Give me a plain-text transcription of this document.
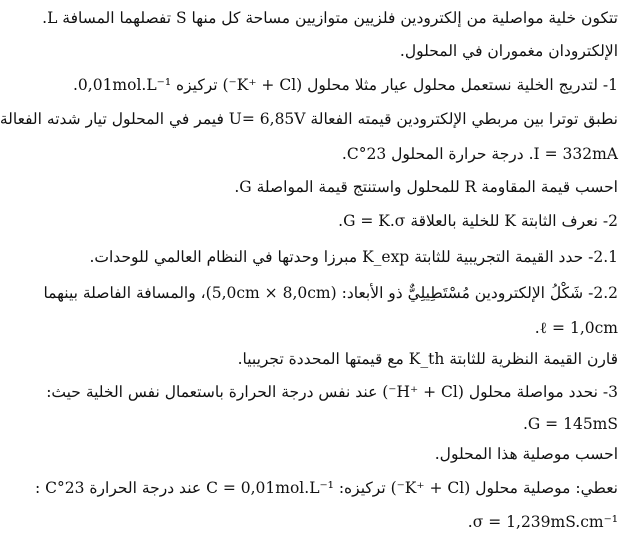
تتكون خلية مواصلية من إلكترودين فلزيين متوازيين مساحة كل منها S تفصلهما المسافة L.
الإلكترودان مغموران في المحلول.
1- لتدريج الخلية نستعمل محلول عيار مثلا محلول (K⁺ + Cl⁻) تركيزه 0,01mol.L⁻¹.
نطبق توترا بين مربطي الإلكترودين قيمته الفعالة U= 6,85V فيمر في المحلول تيار شدته الفعالة
I = 332mA. درجة حرارة المحلول 23°C.
احسب قيمة المقاومة R للمحلول واستنتج قيمة المواصلة G.
2- نعرف الثابتة K للخلية بالعلاقة G = K.σ.
2.1- حدد القيمة التجريبية للثابتة K_exp مبرزا وحدتها في النظام العالمي للوحدات.
2.2- شَكْلُ الإلكترودين مُسْتَطِيلِيٌّ ذو الأبعاد: (5,0cm × 8,0cm)، والمسافة الفاصلة بينهما
ℓ = 1,0cm.
قارن القيمة النظرية للثابتة K_th مع قيمتها المحددة تجريبيا.
3- نحدد مواصلة محلول (H⁺ + Cl⁻) عند نفس درجة الحرارة باستعمال نفس الخلية حيث:
G = 145mS.
احسب موصلية هذا المحلول.
نعطي: موصلية محلول (K⁺ + Cl⁻) تركيزه: C = 0,01mol.L⁻¹ عند درجة الحرارة 23°C :
σ = 1,239mS.cm⁻¹.
